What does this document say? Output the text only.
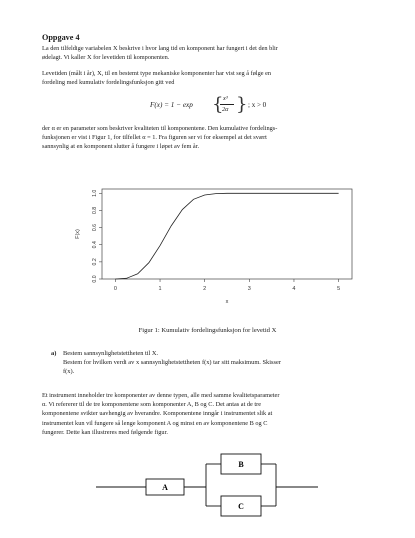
Oppgave 4
La den tilfeldige variabelen X beskrive i hvor lang tid en komponent har fungert i det den blir
ødelagt. Vi kaller X for levetiden til komponenten.
Levetiden (målt i år), X, til en bestemt type mekaniske komponenter har vist seg å følge en
fordeling med kumulativ fordelingsfunksjon gitt ved
F(x) = 1 − exp { x³
2α } ; x > 0
der α er en parameter som beskriver kvaliteten til komponentene. Den kumulative fordelings-
funksjonen er vist i Figur 1, for tilfellet α = 1. Fra figuren ser vi for eksempel at det svært
sannsynlig at en komponent slutter å fungere i løpet av fem år.
0	1	2	3	4	5
0.0
0.2
0.4
0.6
0.8
1.0
x
F(x)
Figur 1: Kumulativ fordelingsfunksjon for levetid X
a) Bestem sannsynlighetstettheten til X.
Bestem for hvilken verdi av x sannsynlighetstettheten f(x) tar sitt maksimum. Skisser
f(x).
Et instrument inneholder tre komponenter av denne typen, alle med samme kvalitetsparameter
α. Vi refererer til de tre komponentene som komponenter A, B og C. Det antas at de tre
komponentene svikter uavhengig av hverandre. Komponentene inngår i instrumentet slik at
instrumentet kun vil fungere så lenge komponent A og minst en av komponentene B og C
fungerer. Dette kan illustreres med følgende figur.
A
B
C
